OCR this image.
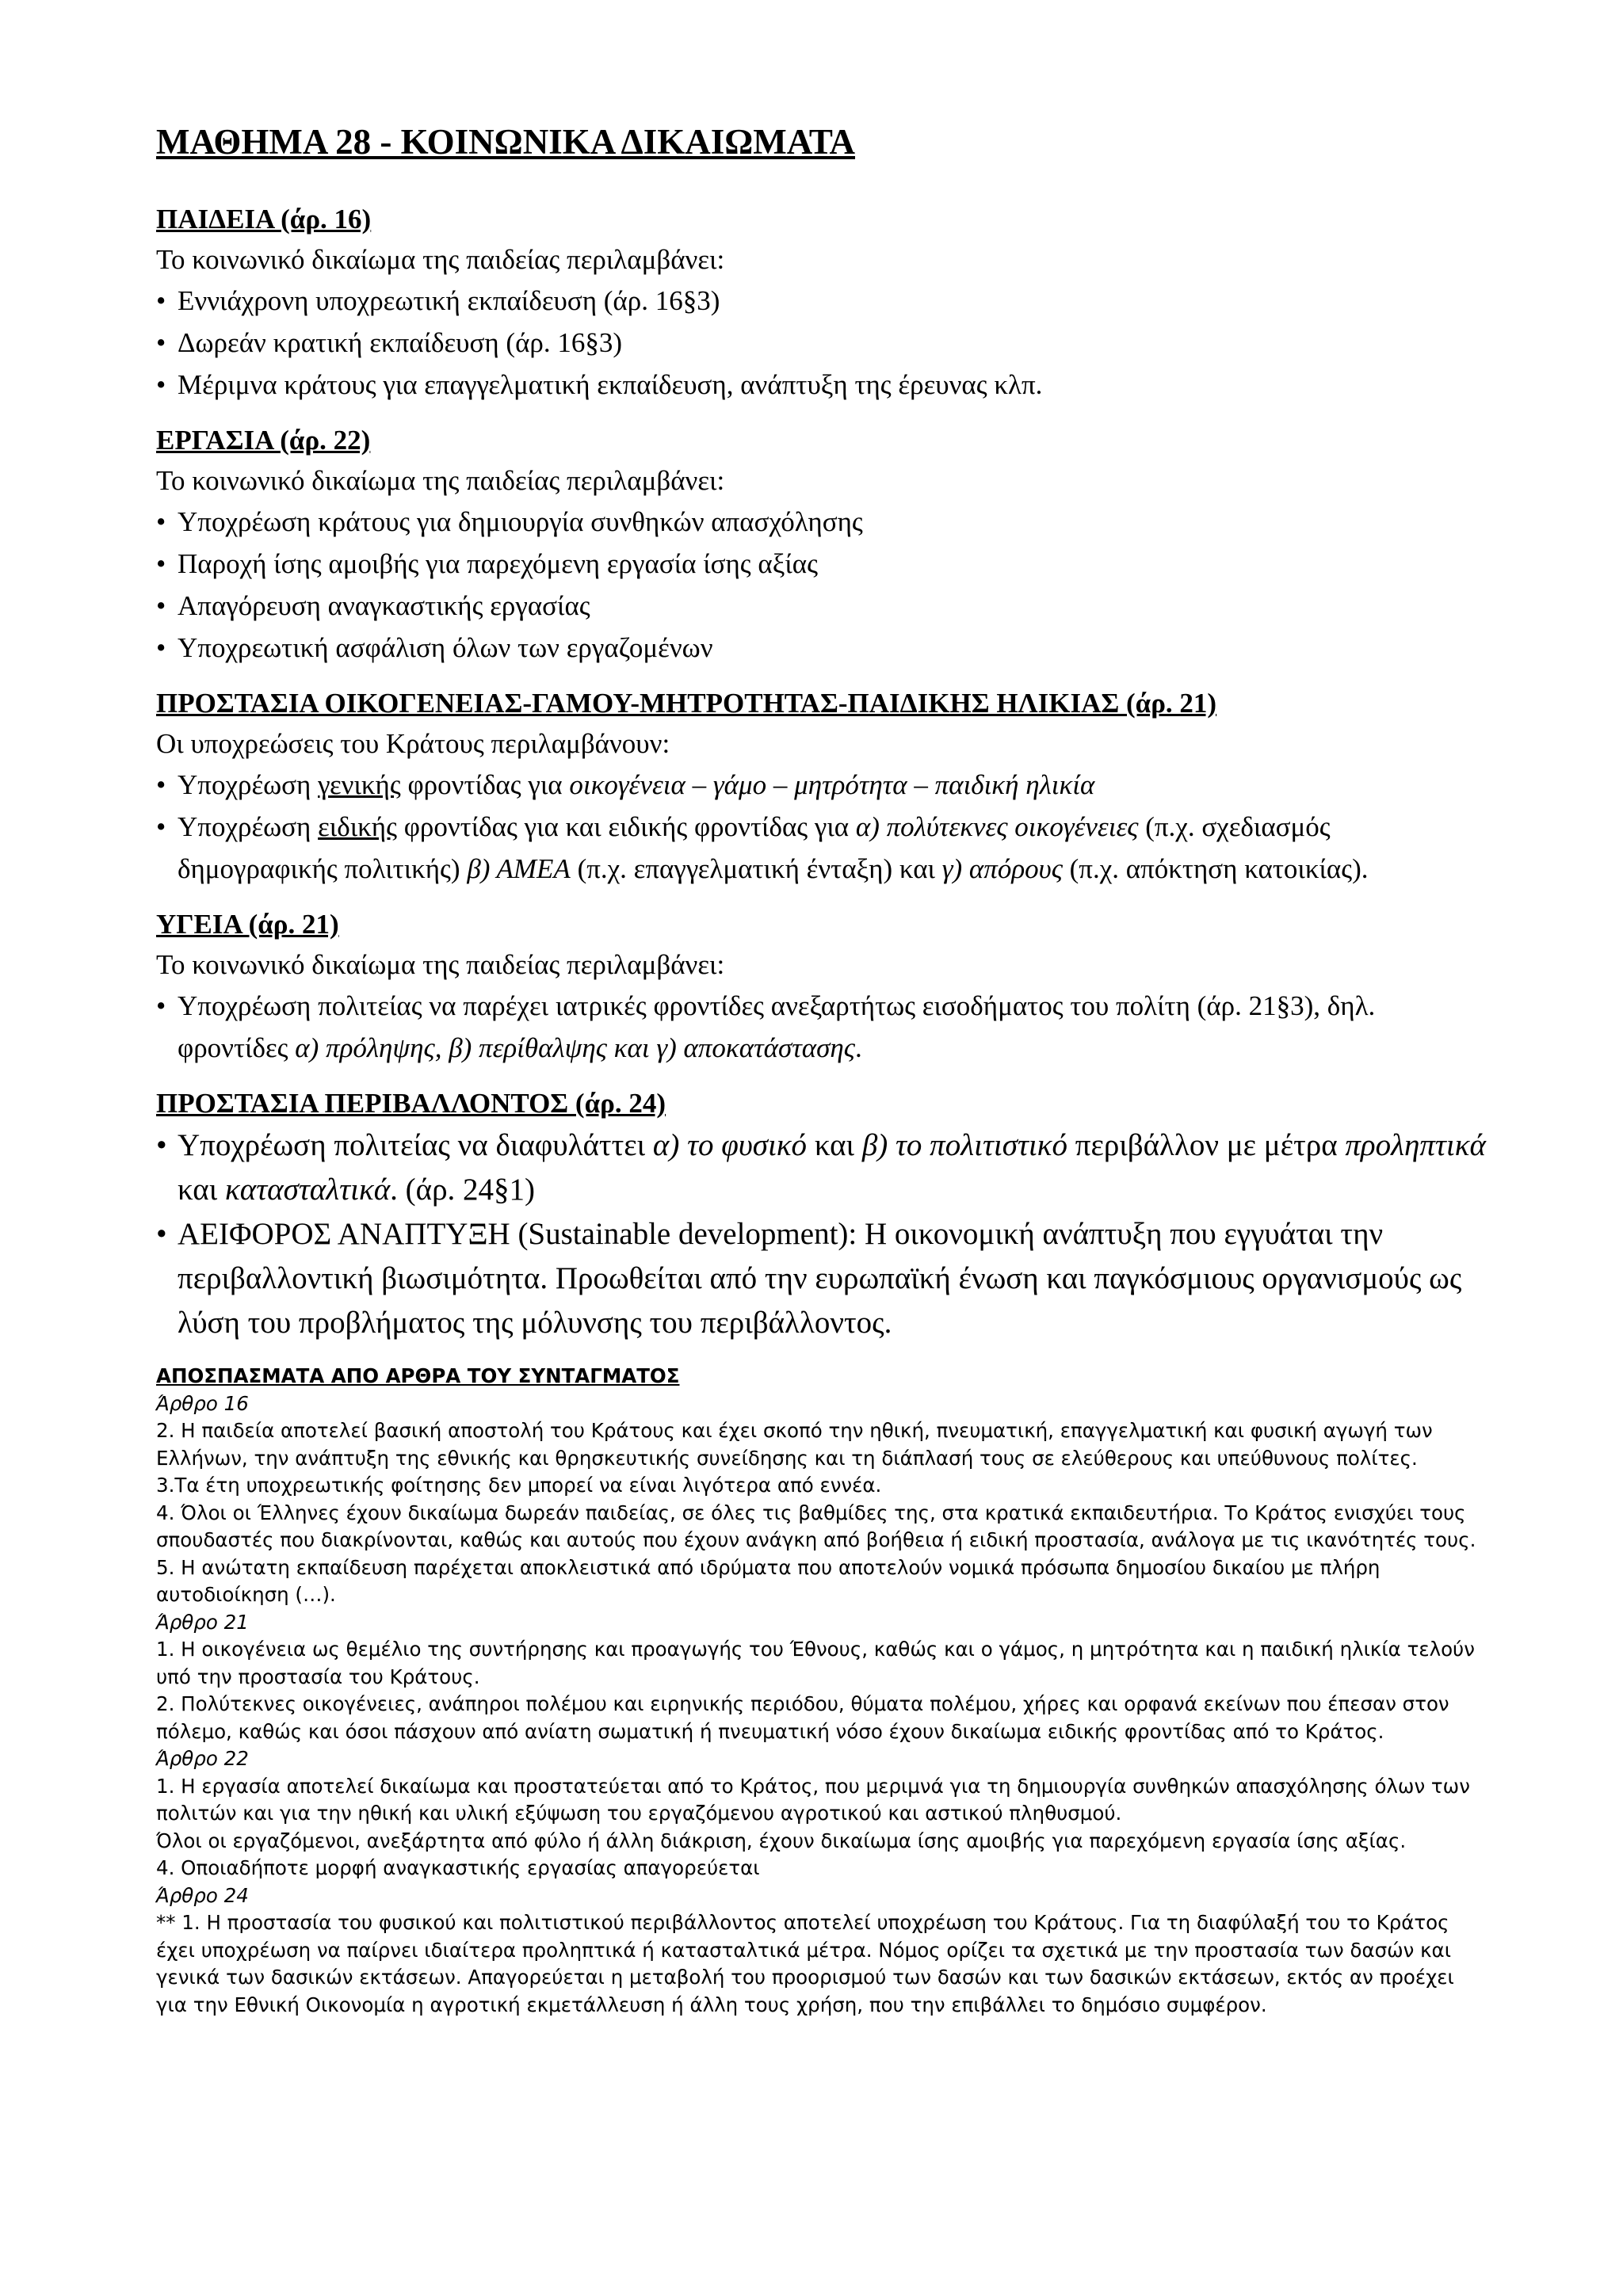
ΜΑΘΗΜΑ 28 - ΚΟΙΝΩΝΙΚΑ ΔΙΚΑΙΩΜΑΤΑ

ΠΑΙΔΕΙΑ (άρ. 16)

Το κοινωνικό δικαίωμα της παιδείας περιλαμβάνει:

• Εννιάχρονη υποχρεωτική εκπαίδευση (άρ. 16§3)
• Δωρεάν κρατική εκπαίδευση (άρ. 16§3)
• Μέριμνα κράτους για επαγγελματική εκπαίδευση, ανάπτυξη της έρευνας κλπ.

ΕΡΓΑΣΙΑ (άρ. 22)

Το κοινωνικό δικαίωμα της παιδείας περιλαμβάνει:

• Υποχρέωση κράτους για δημιουργία συνθηκών απασχόλησης
• Παροχή ίσης αμοιβής για παρεχόμενη εργασία ίσης αξίας
• Απαγόρευση αναγκαστικής εργασίας
• Υποχρεωτική ασφάλιση όλων των εργαζομένων

ΠΡΟΣΤΑΣΙΑ ΟΙΚΟΓΕΝΕΙΑΣ-ΓΑΜΟΥ-ΜΗΤΡΟΤΗΤΑΣ-ΠΑΙΔΙΚΗΣ ΗΛΙΚΙΑΣ (άρ. 21)

Οι υποχρεώσεις του Κράτους περιλαμβάνουν:

• Υποχρέωση γενικής φροντίδας για οικογένεια – γάμο – μητρότητα – παιδική ηλικία
• Υποχρέωση ειδικής φροντίδας για και ειδικής φροντίδας για α) πολύτεκνες οικογένειες (π.χ. σχεδιασμός δημογραφικής πολιτικής) β) ΑΜΕΑ (π.χ. επαγγελματική ένταξη) και γ) απόρους (π.χ. απόκτηση κατοικίας).

ΥΓΕΙΑ (άρ. 21)

Το κοινωνικό δικαίωμα της παιδείας περιλαμβάνει:

• Υποχρέωση πολιτείας να παρέχει ιατρικές φροντίδες ανεξαρτήτως εισοδήματος του πολίτη (άρ. 21§3), δηλ. φροντίδες α) πρόληψης, β) περίθαλψης και γ) αποκατάστασης.

ΠΡΟΣΤΑΣΙΑ ΠΕΡΙΒΑΛΛΟΝΤΟΣ (άρ. 24)

• Υποχρέωση πολιτείας να διαφυλάττει α) το φυσικό και β) το πολιτιστικό περιβάλλον με μέτρα προληπτικά και κατασταλτικά. (άρ. 24§1)
• ΑΕΙΦΟΡΟΣ ΑΝΑΠΤΥΞΗ (Sustainable development): Η οικονομική ανάπτυξη που εγγυάται την περιβαλλοντική βιωσιμότητα. Προωθείται από την ευρωπαϊκή ένωση και παγκόσμιους οργανισμούς ως λύση του προβλήματος της μόλυνσης του περιβάλλοντος.

ΑΠΟΣΠΑΣΜΑΤΑ ΑΠΟ ΑΡΘΡΑ ΤΟΥ ΣΥΝΤΑΓΜΑΤΟΣ

Άρθρο 16

2. Η παιδεία αποτελεί βασική αποστολή του Κράτους και έχει σκοπό την ηθική, πνευματική, επαγγελματική και φυσική αγωγή των Ελλήνων, την ανάπτυξη της εθνικής και θρησκευτικής συνείδησης και τη διάπλασή τους σε ελεύθερους και υπεύθυνους πολίτες.

3.Τα έτη υποχρεωτικής φοίτησης δεν μπορεί να είναι λιγότερα από εννέα.

4. Όλοι οι Έλληνες έχουν δικαίωμα δωρεάν παιδείας, σε όλες τις βαθμίδες της, στα κρατικά εκπαιδευτήρια. Το Κράτος ενισχύει τους σπουδαστές που διακρίνονται, καθώς και αυτούς που έχουν ανάγκη από βοήθεια ή ειδική προστασία, ανάλογα με τις ικανότητές τους.

5. Η ανώτατη εκπαίδευση παρέχεται αποκλειστικά από ιδρύματα που αποτελούν νομικά πρόσωπα δημοσίου δικαίου με πλήρη αυτοδιοίκηση (…).

Άρθρο 21

1. Η οικογένεια ως θεμέλιο της συντήρησης και προαγωγής του Έθνους, καθώς και ο γάμος, η μητρότητα και η παιδική ηλικία τελούν υπό την προστασία του Κράτους.

2. Πολύτεκνες οικογένειες, ανάπηροι πολέμου και ειρηνικής περιόδου, θύματα πολέμου, χήρες και ορφανά εκείνων που έπεσαν στον πόλεμο, καθώς και όσοι πάσχουν από ανίατη σωματική ή πνευματική νόσο έχουν δικαίωμα ειδικής φροντίδας από το Κράτος.

Άρθρο 22

1. Η εργασία αποτελεί δικαίωμα και προστατεύεται από το Κράτος, που μεριμνά για τη δημιουργία συνθηκών απασχόλησης όλων των πολιτών και για την ηθική και υλική εξύψωση του εργαζόμενου αγροτικού και αστικού πληθυσμού.

Όλοι οι εργαζόμενοι, ανεξάρτητα από φύλο ή άλλη διάκριση, έχουν δικαίωμα ίσης αμοιβής για παρεχόμενη εργασία ίσης αξίας.

4. Οποιαδήποτε μορφή αναγκαστικής εργασίας απαγορεύεται

Άρθρο 24

** 1. Η προστασία του φυσικού και πολιτιστικού περιβάλλοντος αποτελεί υποχρέωση του Κράτους. Για τη διαφύλαξή του το Κράτος έχει υποχρέωση να παίρνει ιδιαίτερα προληπτικά ή κατασταλτικά μέτρα. Νόμος ορίζει τα σχετικά με την προστασία των δασών και γενικά των δασικών εκτάσεων. Απαγορεύεται η μεταβολή του προορισμού των δασών και των δασικών εκτάσεων, εκτός αν προέχει για την Εθνική Οικονομία η αγροτική εκμετάλλευση ή άλλη τους χρήση, που την επιβάλλει το δημόσιο συμφέρον.
